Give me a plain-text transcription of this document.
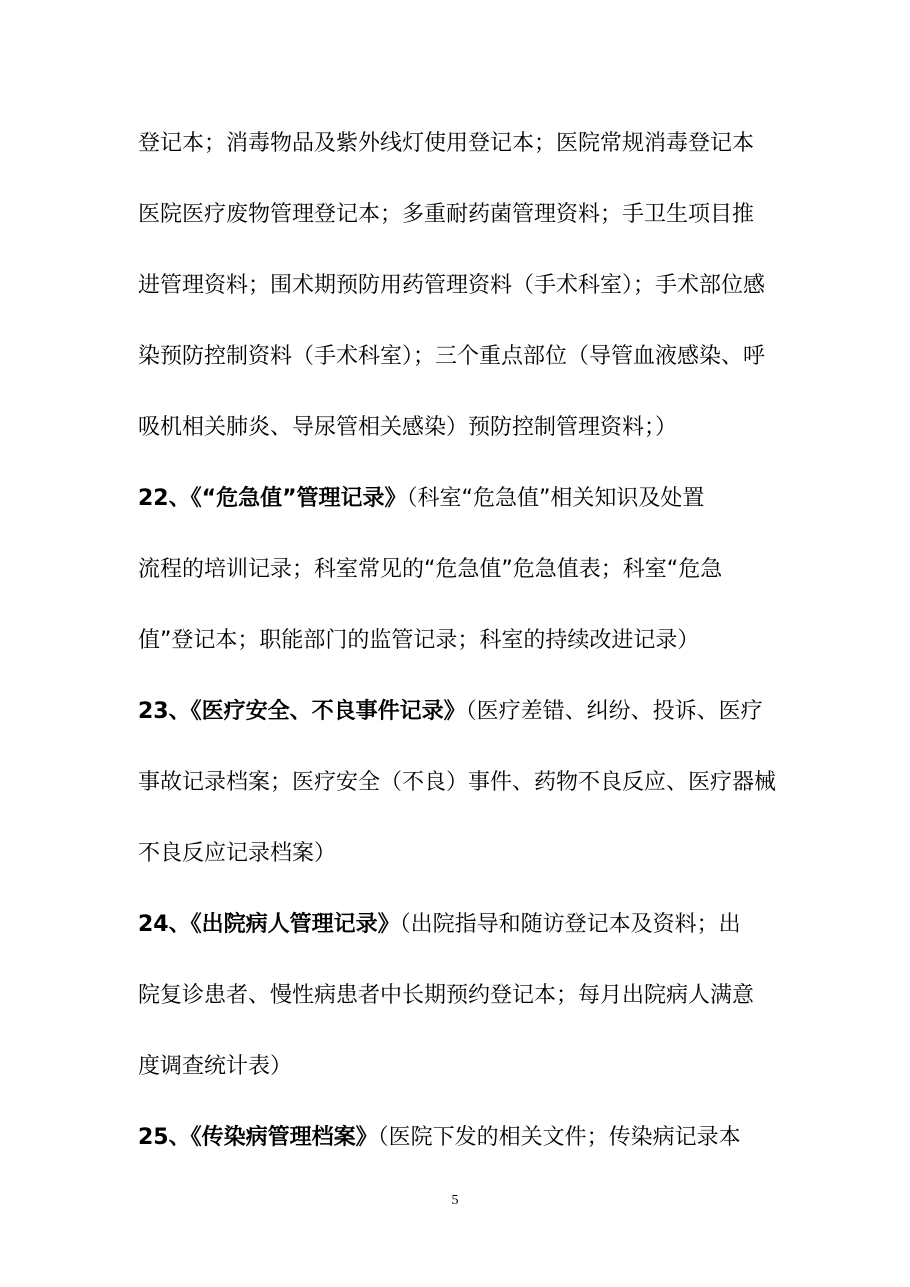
登记本；消毒物品及紫外线灯使用登记本；医院常规消毒登记本
医院医疗废物管理登记本；多重耐药菌管理资料；手卫生项目推
进管理资料；围术期预防用药管理资料（手术科室）；手术部位感
染预防控制资料（手术科室）；三个重点部位（导管血液感染、呼
吸机相关肺炎、导尿管相关感染）预防控制管理资料；）
22、《“危急值”管理记录》（科室“危急值”相关知识及处置
流程的培训记录；科室常见的“危急值”危急值表；科室“危急
值”登记本；职能部门的监管记录；科室的持续改进记录）
23、《医疗安全、不良事件记录》（医疗差错、纠纷、投诉、医疗
事故记录档案；医疗安全（不良）事件、药物不良反应、医疗器械
不良反应记录档案）
24、《出院病人管理记录》（出院指导和随访登记本及资料；出
院复诊患者、慢性病患者中长期预约登记本；每月出院病人满意
度调查统计表）
25、《传染病管理档案》（医院下发的相关文件；传染病记录本
5
